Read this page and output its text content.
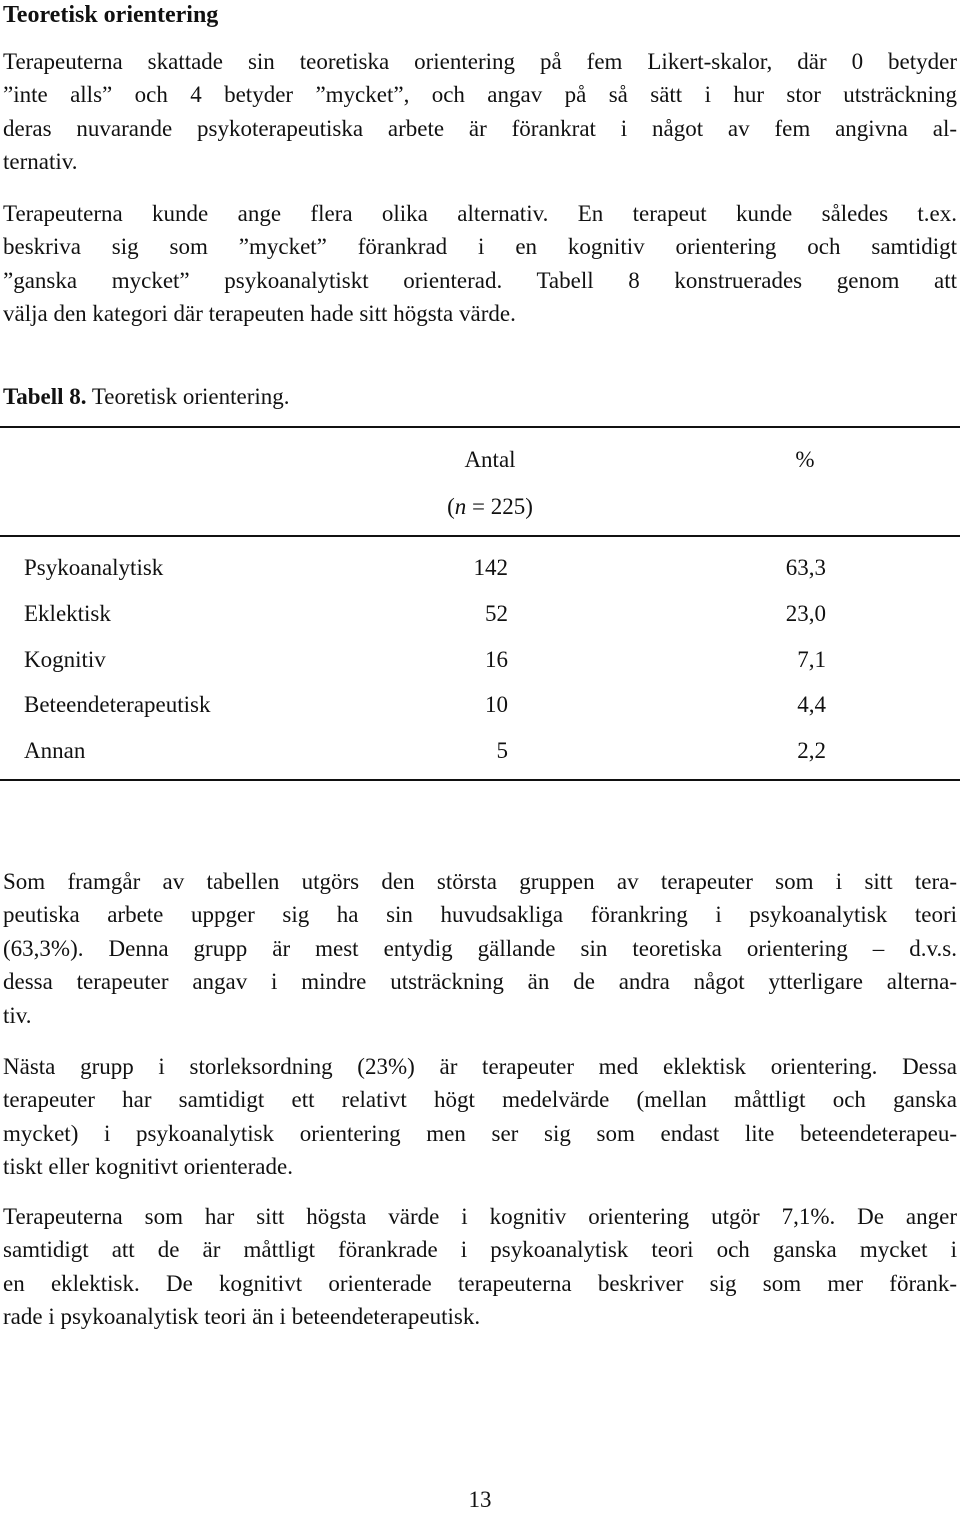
Teoretisk orientering
Terapeuterna skattade sin teoretiska orientering på fem Likert-skalor, där 0 betyder
”inte alls” och 4 betyder ”mycket”, och angav på så sätt i hur stor utsträckning
deras nuvarande psykoterapeutiska arbete är förankrat i något av fem angivna al-
ternativ.
Terapeuterna kunde ange flera olika alternativ. En terapeut kunde således t.ex.
beskriva sig som ”mycket” förankrad i en kognitiv orientering och samtidigt
”ganska mycket” psykoanalytiskt orienterad. Tabell 8 konstruerades genom att
välja den kategori där terapeuten hade sitt högsta värde.

Tabell 8. Teoretisk orientering.

Antal	%
(n = 225)
Psykoanalytisk	142	63,3
Eklektisk	52	23,0
Kognitiv	16	7,1
Beteendeterapeutisk	10	4,4
Annan	5	2,2
Som framgår av tabellen utgörs den största gruppen av terapeuter som i sitt tera-
peutiska arbete uppger sig ha sin huvudsakliga förankring i psykoanalytisk teori
(63,3%). Denna grupp är mest entydig gällande sin teoretiska orientering – d.v.s.
dessa terapeuter angav i mindre utsträckning än de andra något ytterligare alterna-
tiv.
Nästa grupp i storleksordning (23%) är terapeuter med eklektisk orientering. Dessa
terapeuter har samtidigt ett relativt högt medelvärde (mellan måttligt och ganska
mycket) i psykoanalytisk orientering men ser sig som endast lite beteendeterapeu-
tiskt eller kognitivt orienterade.
Terapeuterna som har sitt högsta värde i kognitiv orientering utgör 7,1%. De anger
samtidigt att de är måttligt förankrade i psykoanalytisk teori och ganska mycket i
en eklektisk. De kognitivt orienterade terapeuterna beskriver sig som mer förank-
rade i psykoanalytisk teori än i beteendeterapeutisk.
13
